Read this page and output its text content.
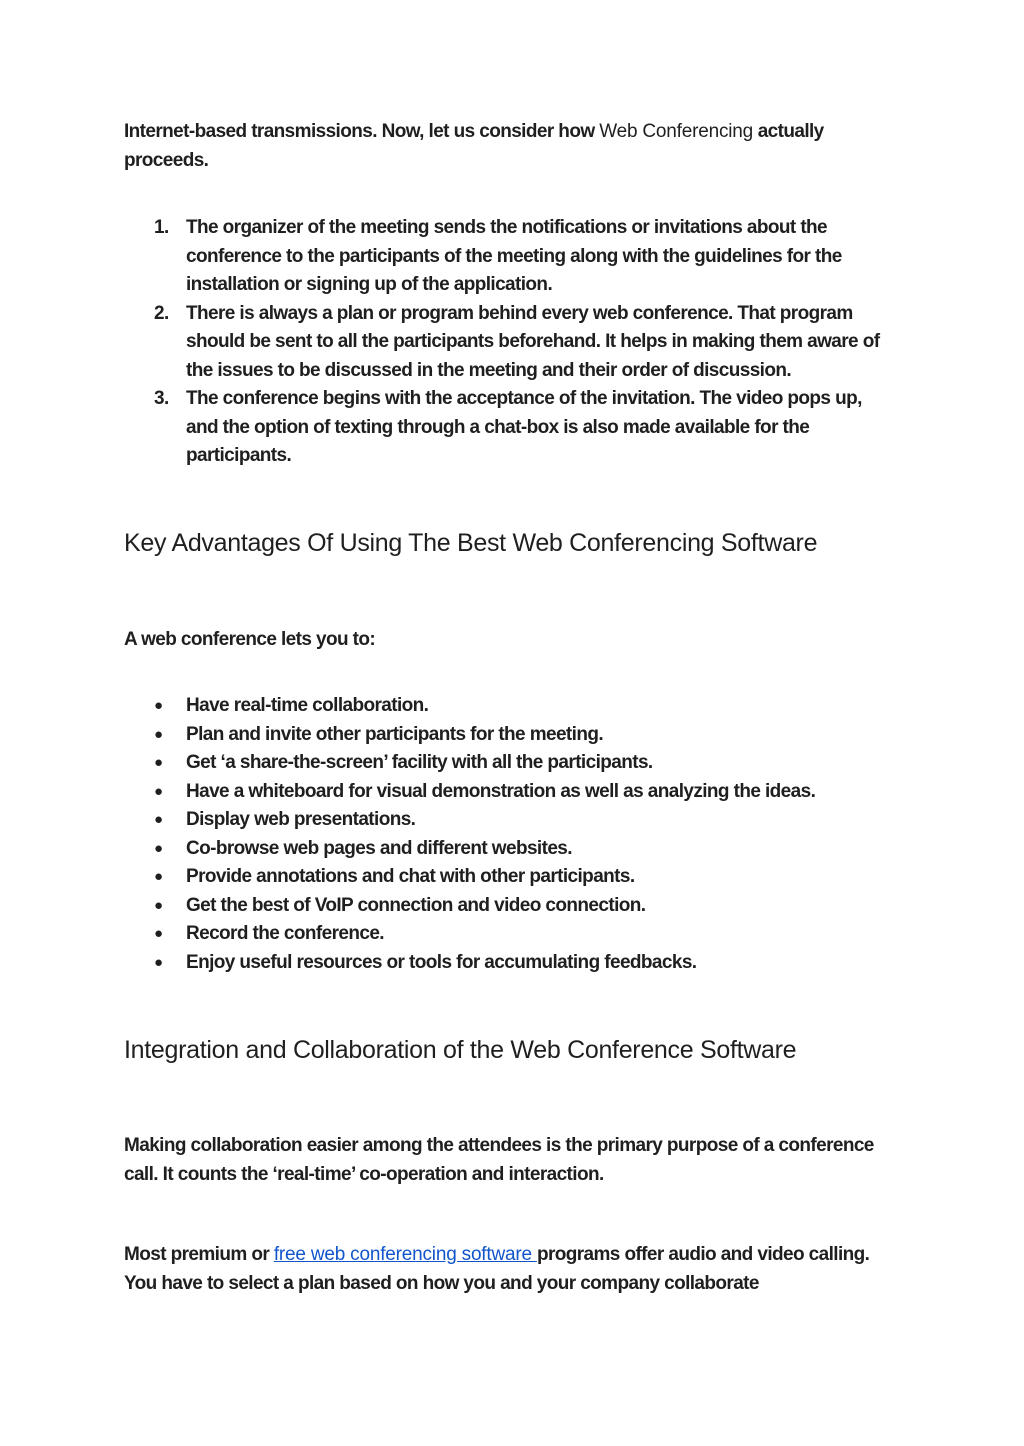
Internet-based transmissions. Now, let us consider how Web Conferencing actually proceeds.

1. The organizer of the meeting sends the notifications or invitations about the conference to the participants of the meeting along with the guidelines for the installation or signing up of the application.
2. There is always a plan or program behind every web conference. That program should be sent to all the participants beforehand. It helps in making them aware of the issues to be discussed in the meeting and their order of discussion.
3. The conference begins with the acceptance of the invitation. The video pops up, and the option of texting through a chat-box is also made available for the participants.
Key Advantages Of Using The Best Web Conferencing Software

A web conference lets you to:

● Have real-time collaboration.
● Plan and invite other participants for the meeting.
● Get ‘a share-the-screen’ facility with all the participants.
● Have a whiteboard for visual demonstration as well as analyzing the ideas.
● Display web presentations.
● Co-browse web pages and different websites.
● Provide annotations and chat with other participants.
● Get the best of VoIP connection and video connection.
● Record the conference.
● Enjoy useful resources or tools for accumulating feedbacks.
Integration and Collaboration of the Web Conference Software

Making collaboration easier among the attendees is the primary purpose of a conference call. It counts the ‘real-time’ co-operation and interaction.

Most premium or free web conferencing software programs offer audio and video calling. You have to select a plan based on how you and your company collaborate
